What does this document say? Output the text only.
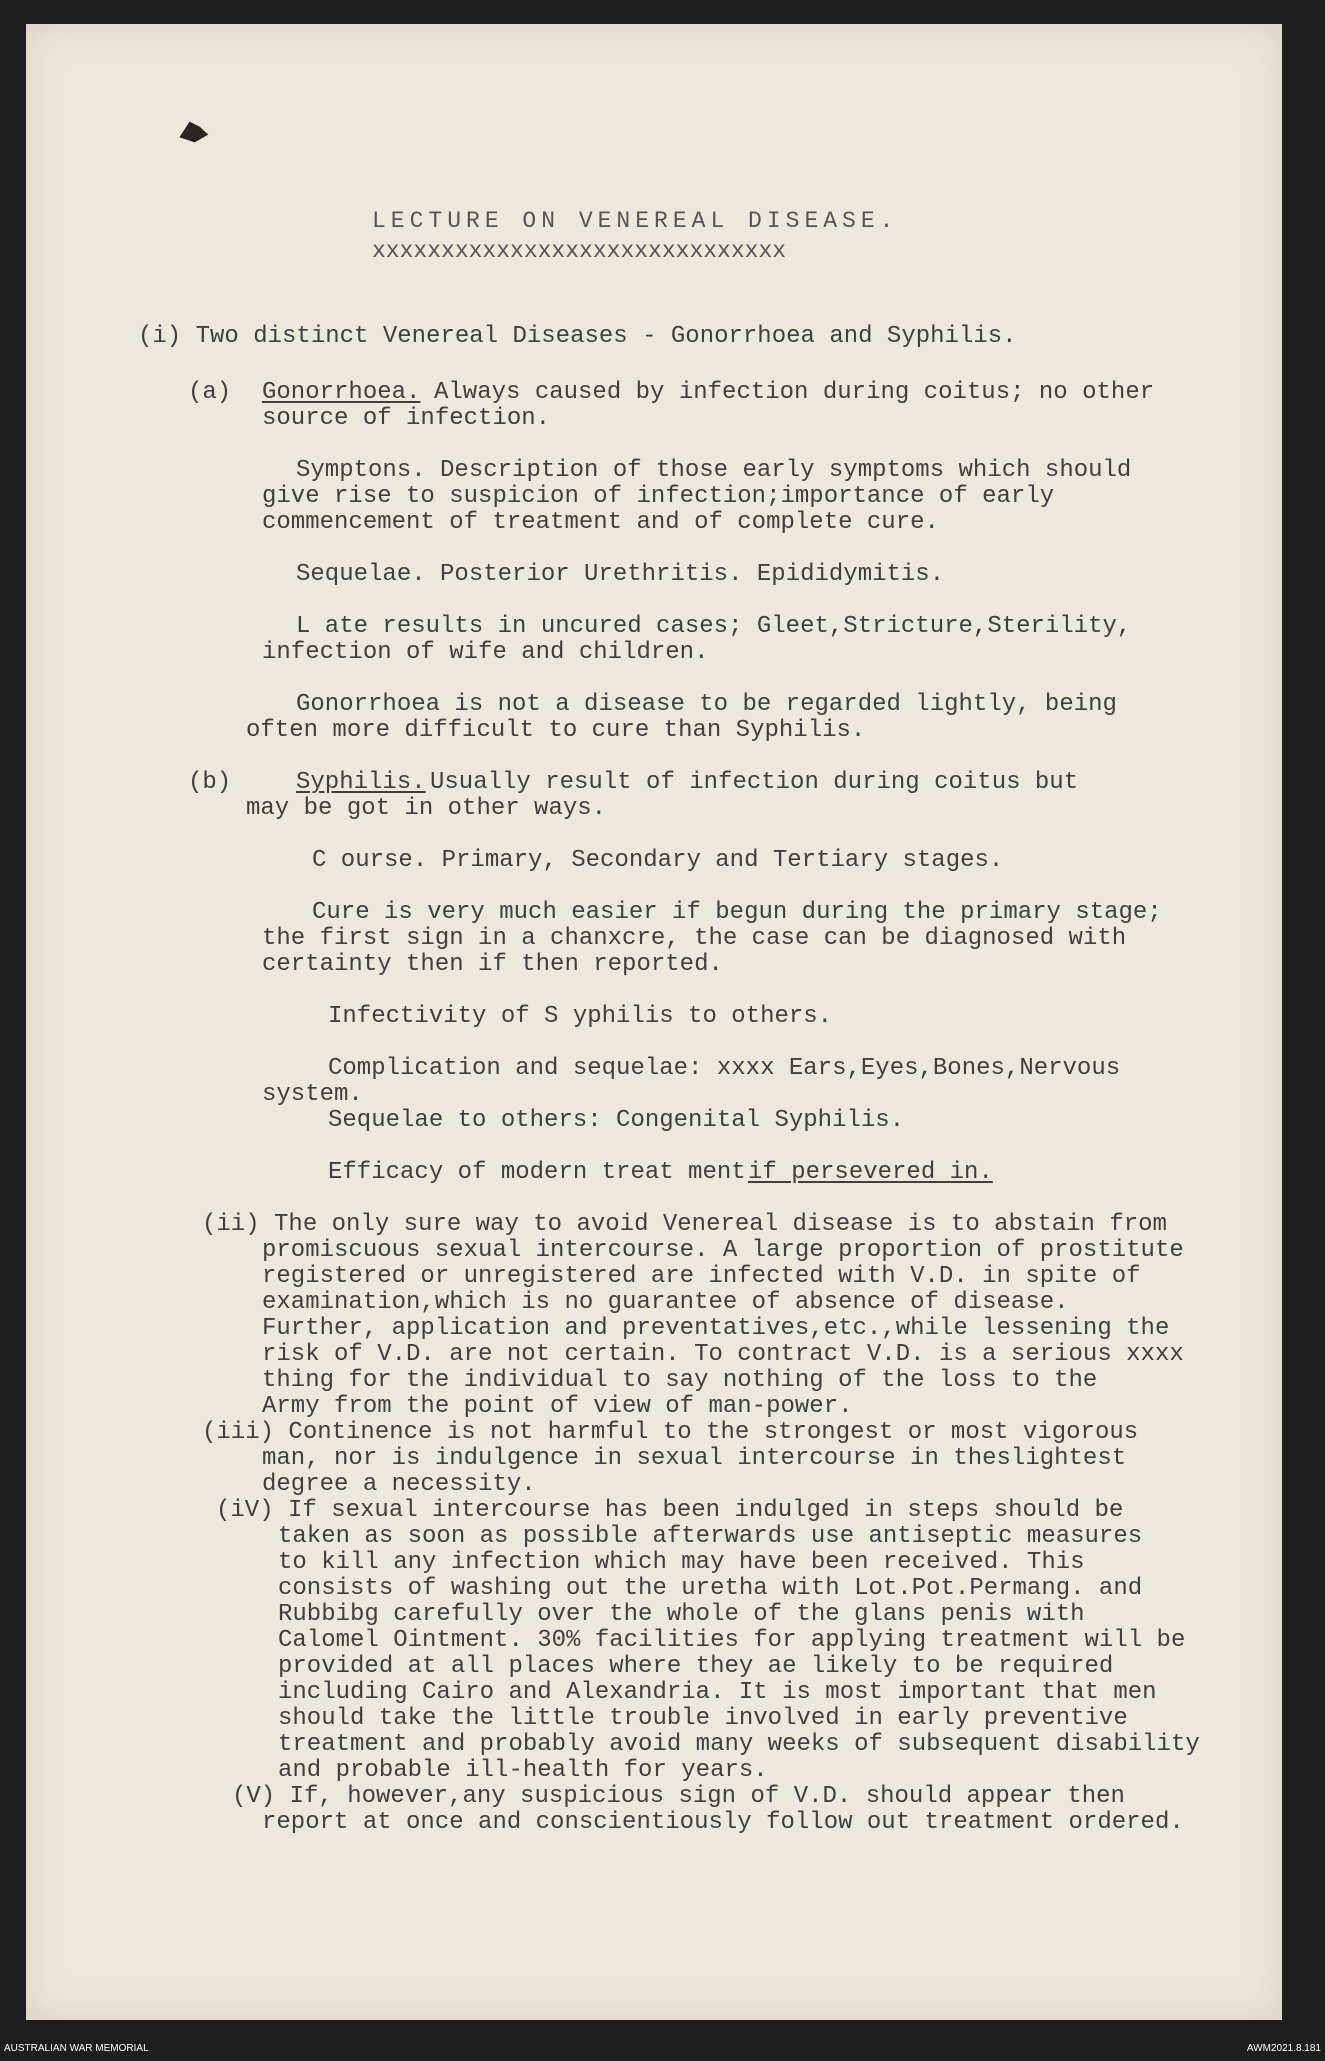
LECTURE ON VENEREAL DISEASE.
xxxxxxxxxxxxxxxxxxxxxxxxxxxxxx
(i) Two distinct Venereal Diseases - Gonorrhoea and Syphilis.
(a) Gonorrhoea. Always caused by infection during coitus; no other
source of infection.
Symptons. Description of those early symptoms which should
give rise to suspicion of infection;importance of early
commencement of treatment and of complete cure.
Sequelae. Posterior Urethritis. Epididymitis.
L ate results in uncured cases; Gleet,Stricture,Sterility,
infection of wife and children.
Gonorrhoea is not a disease to be regarded lightly, being
often more difficult to cure than Syphilis.
(b)	Syphilis. Usually result of infection during coitus but
may be got in other ways.
C ourse. Primary, Secondary and Tertiary stages.
Cure is very much easier if begun during the primary stage;
the first sign in a chanxcre, the case can be diagnosed with
certainty then if then reported.
Infectivity of S yphilis to others.
Complication and sequelae: xxxx Ears,Eyes,Bones,Nervous
system.
Sequelae to others: Congenital Syphilis.
Efficacy of modern treat ment if persevered in.
(ii) The only sure way to avoid Venereal disease is to abstain from
promiscuous sexual intercourse. A large proportion of prostitute
registered or unregistered are infected with V.D. in spite of
examination,which is no guarantee of absence of disease.
Further, application and preventatives,etc.,while lessening the
risk of V.D. are not certain. To contract V.D. is a serious xxxx
thing for the individual to say nothing of the loss to the
Army from the point of view of man-power.
(iii) Continence is not harmful to the strongest or most vigorous
man, nor is indulgence in sexual intercourse in theslightest
degree a necessity.
(iV) If sexual intercourse has been indulged in steps should be
taken as soon as possible afterwards use antiseptic measures
to kill any infection which may have been received. This
consists of washing out the uretha with Lot.Pot.Permang. and
Rubbibg carefully over the whole of the glans penis with
Calomel Ointment. 30% facilities for applying treatment will be
provided at all places where they ae likely to be required
including Cairo and Alexandria. It is most important that men
should take the little trouble involved in early preventive
treatment and probably avoid many weeks of subsequent disability
and probable ill-health for years.
(V) If, however,any suspicious sign of V.D. should appear then
report at once and conscientiously follow out treatment ordered.
AUSTRALIAN WAR MEMORIAL	AWM2021.8.181
